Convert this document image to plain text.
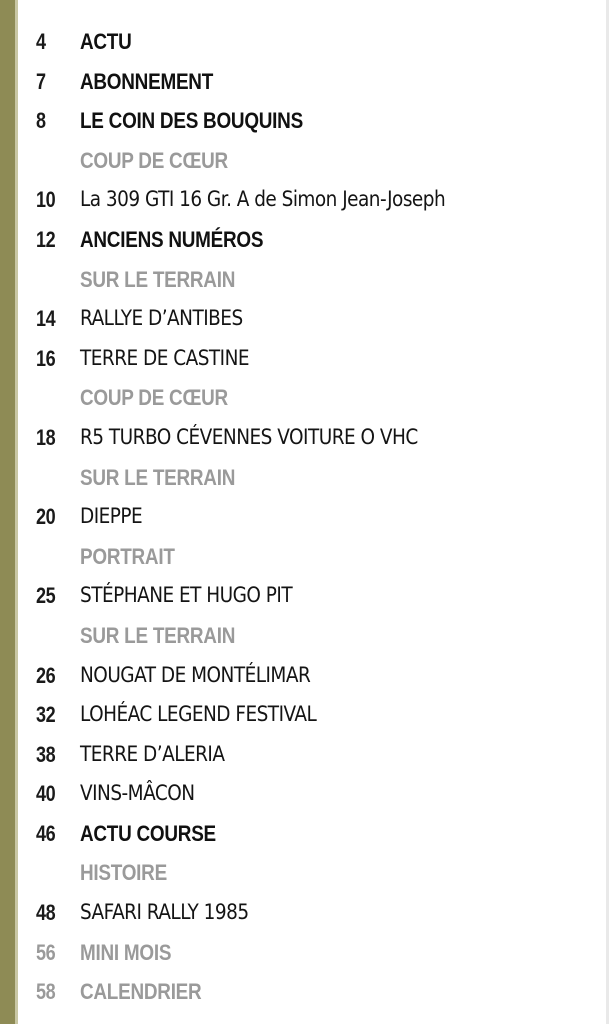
4	ACTU
7	ABONNEMENT
8	LE COIN DES BOUQUINS
COUP DE CŒUR
10	La 309 GTI 16 Gr. A de Simon Jean-Joseph
12	ANCIENS NUMÉROS
SUR LE TERRAIN
14	RALLYE D’ANTIBES
16	TERRE DE CASTINE
COUP DE CŒUR
18	R5 TURBO CÉVENNES VOITURE O VHC
SUR LE TERRAIN
20	DIEPPE
PORTRAIT
25	STÉPHANE ET HUGO PIT
SUR LE TERRAIN
26	NOUGAT DE MONTÉLIMAR
32	LOHÉAC LEGEND FESTIVAL
38	TERRE D’ALERIA
40	VINS-MÂCON
46	ACTU COURSE
HISTOIRE
48	SAFARI RALLY 1985
56	MINI MOIS
58	CALENDRIER
